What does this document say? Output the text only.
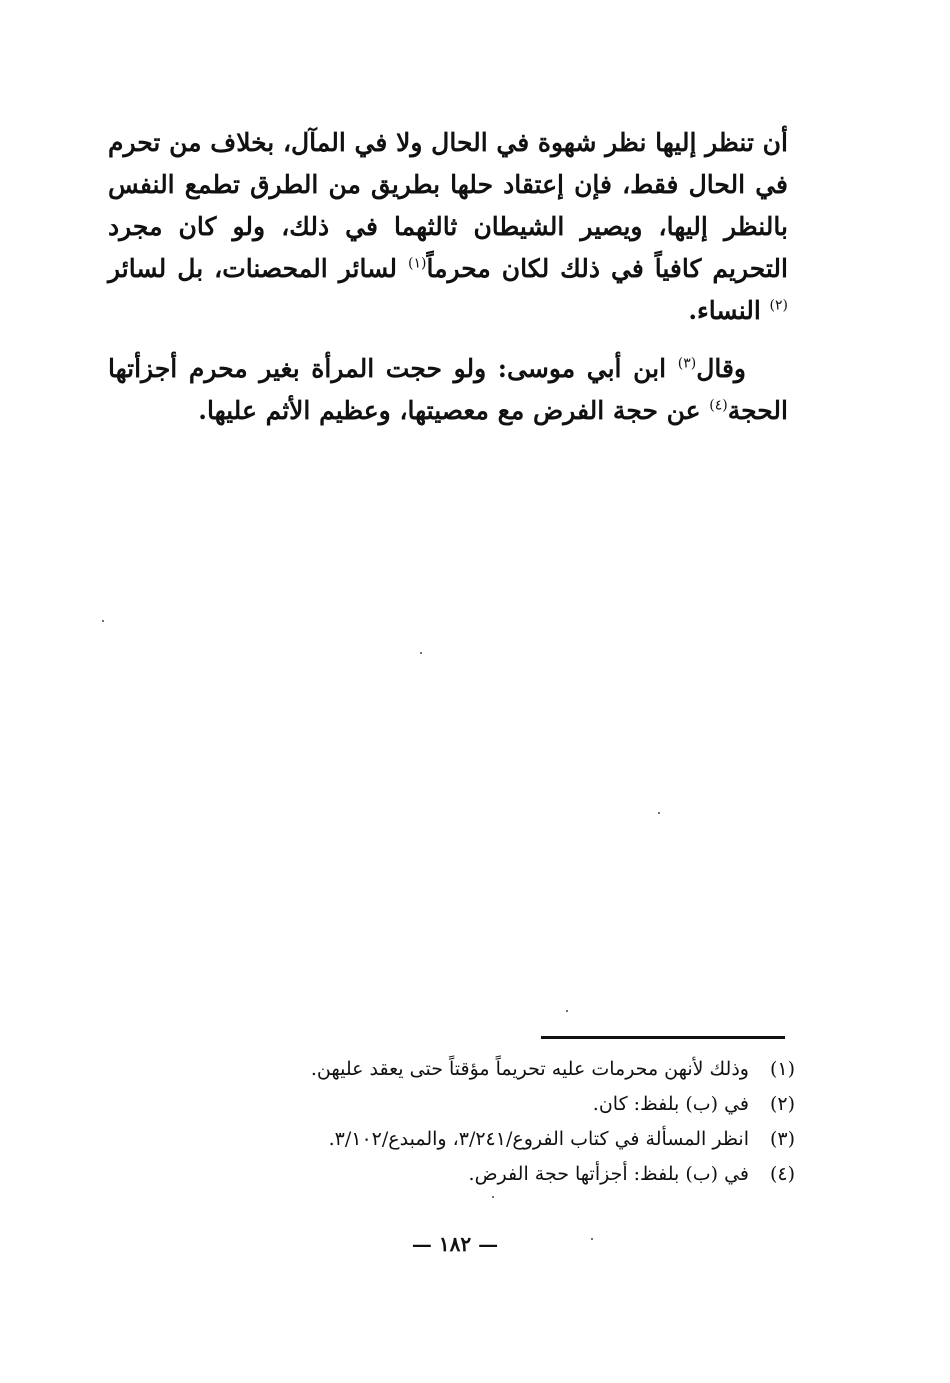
أن تنظر إليها نظر شهوة في الحال ولا في المآل، بخلاف من تحرم في الحال فقط، فإن إعتقاد حلها بطريق من الطرق تطمع النفس بالنظر إليها، ويصير الشيطان ثالثهما في ذلك، ولو كان مجرد التحريم كافياً في ذلك لكان محرماً$^{(١)}$ لسائر المحصنات، بل لسائر $^{(٢)}$ النساء.

وقال$^{(٣)}$ ابن أبي موسى: ولو حجت المرأة بغير محرم أجزأتها الحجة$^{(٤)}$ عن حجة الفرض مع معصيتها، وعظيم الأثم عليها.

(١)
وذلك لأنهن محرمات عليه تحريماً مؤقتاً حتى يعقد عليهن.
(٢)
في (ب) بلفظ: كان.
(٣)
انظر المسألة في كتاب الفروع/٣/٢٤١، والمبدع/٣/١٠٢.
(٤)
في (ب) بلفظ: أجزأتها حجة الفرض.
— ١٨٢ —
